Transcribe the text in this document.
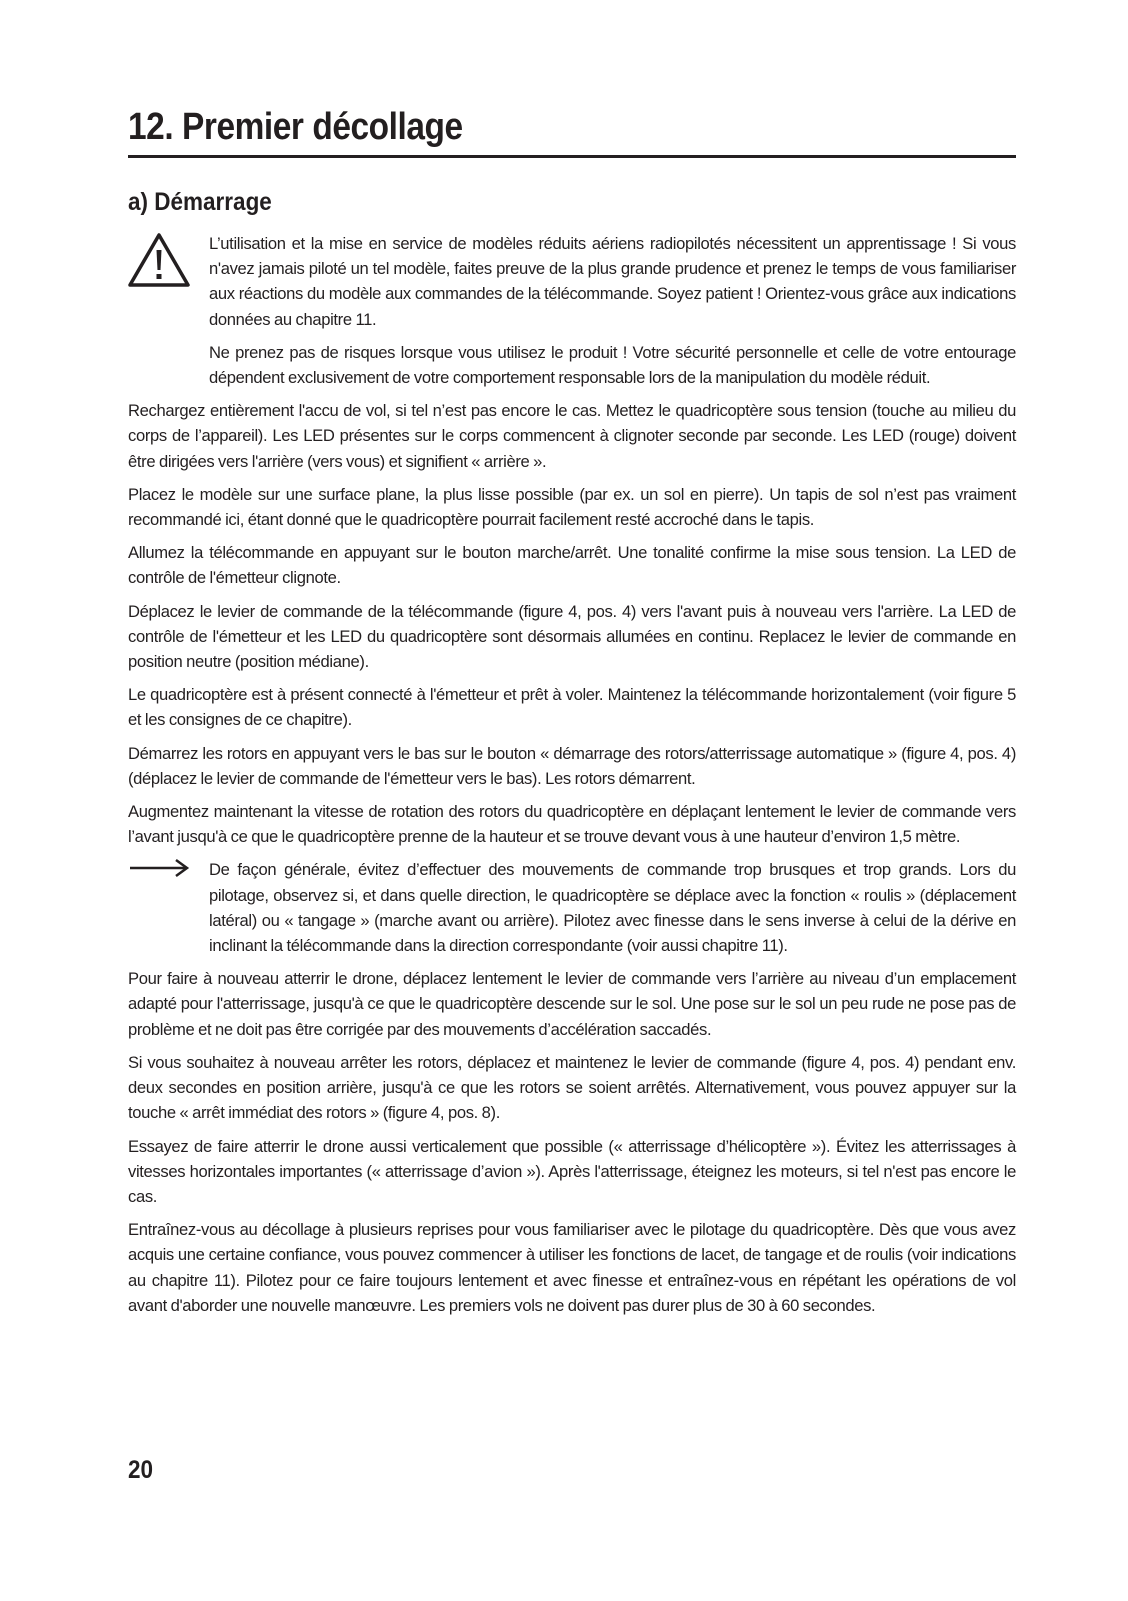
12. Premier décollage
a) Démarrage

L’utilisation et la mise en service de modèles réduits aériens radiopilotés nécessitent un apprentissage ! Si vous n'avez jamais piloté un tel modèle, faites preuve de la plus grande prudence et prenez le temps de vous familiariser aux réactions du modèle aux commandes de la télécommande. Soyez patient ! Orientez-vous grâce aux indications données au chapitre 11.

Ne prenez pas de risques lorsque vous utilisez le produit ! Votre sécurité personnelle et celle de votre entourage dépendent exclusivement de votre comportement responsable lors de la manipulation du modèle réduit.

Rechargez entièrement l'accu de vol, si tel n’est pas encore le cas. Mettez le quadricoptère sous tension (touche au milieu du corps de l’appareil). Les LED présentes sur le corps commencent à clignoter seconde par seconde. Les LED (rouge) doivent être dirigées vers l'arrière (vers vous) et signifient « arrière ».

Placez le modèle sur une surface plane, la plus lisse possible (par ex. un sol en pierre). Un tapis de sol n’est pas vraiment recommandé ici, étant donné que le quadricoptère pourrait facilement resté accroché dans le tapis.

Allumez la télécommande en appuyant sur le bouton marche/arrêt. Une tonalité confirme la mise sous tension. La LED de contrôle de l'émetteur clignote.

Déplacez le levier de commande de la télécommande (figure 4, pos. 4) vers l'avant puis à nouveau vers l'arrière. La LED de contrôle de l'émetteur et les LED du quadricoptère sont désormais allumées en continu. Replacez le levier de commande en position neutre (position médiane).

Le quadricoptère est à présent connecté à l'émetteur et prêt à voler. Maintenez la télécommande horizontalement (voir figure 5 et les consignes de ce chapitre).

Démarrez les rotors en appuyant vers le bas sur le bouton « démarrage des rotors/atterrissage automatique » (figure 4, pos. 4) (déplacez le levier de commande de l'émetteur vers le bas). Les rotors démarrent.

Augmentez maintenant la vitesse de rotation des rotors du quadricoptère en déplaçant lentement le levier de commande vers l’avant jusqu'à ce que le quadricoptère prenne de la hauteur et se trouve devant vous à une hauteur d’environ 1,5 mètre.

De façon générale, évitez d’effectuer des mouvements de commande trop brusques et trop grands. Lors du pilotage, observez si, et dans quelle direction, le quadricoptère se déplace avec la fonction « roulis » (déplacement latéral) ou « tangage » (marche avant ou arrière). Pilotez avec finesse dans le sens inverse à celui de la dérive en inclinant la télécommande dans la direction correspondante (voir aussi chapitre 11).

Pour faire à nouveau atterrir le drone, déplacez lentement le levier de commande vers l’arrière au niveau d’un emplacement adapté pour l'atterrissage, jusqu'à ce que le quadricoptère descende sur le sol. Une pose sur le sol un peu rude ne pose pas de problème et ne doit pas être corrigée par des mouvements d’accélération saccadés.

Si vous souhaitez à nouveau arrêter les rotors, déplacez et maintenez le levier de commande (figure 4, pos. 4) pendant env. deux secondes en position arrière, jusqu'à ce que les rotors se soient arrêtés. Alternativement, vous pouvez appuyer sur la touche « arrêt immédiat des rotors » (figure 4, pos. 8).

Essayez de faire atterrir le drone aussi verticalement que possible (« atterrissage d’hélicoptère »). Évitez les atterrissages à vitesses horizontales importantes (« atterrissage d’avion »). Après l'atterrissage, éteignez les moteurs, si tel n'est pas encore le cas.

Entraînez-vous au décollage à plusieurs reprises pour vous familiariser avec le pilotage du quadricoptère. Dès que vous avez acquis une certaine confiance, vous pouvez commencer à utiliser les fonctions de lacet, de tangage et de roulis (voir indications au chapitre 11). Pilotez pour ce faire toujours lentement et avec finesse et entraînez-vous en répétant les opérations de vol avant d'aborder une nouvelle manœuvre. Les premiers vols ne doivent pas durer plus de 30 à 60 secondes.

20
